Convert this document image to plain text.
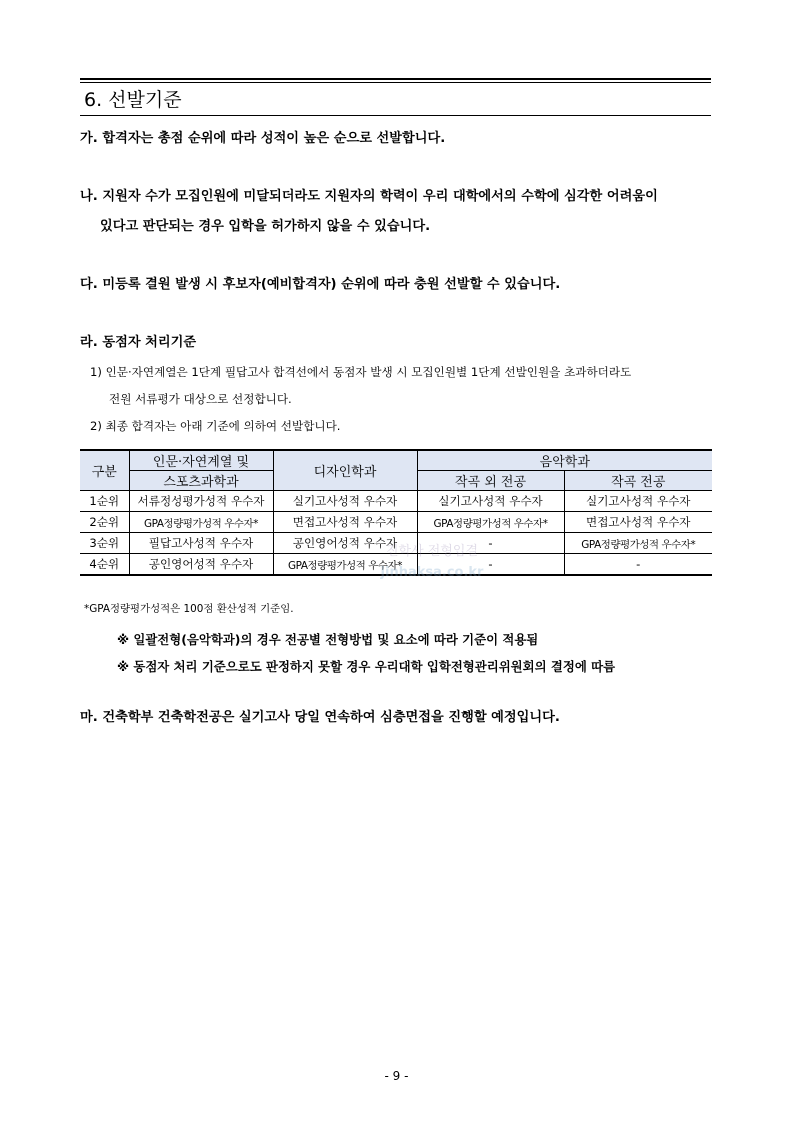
6. 선발기준
가. 합격자는 총점 순위에 따라 성적이 높은 순으로 선발합니다.
나. 지원자 수가 모집인원에 미달되더라도 지원자의 학력이 우리 대학에서의 수학에 심각한 어려움이
있다고 판단되는 경우 입학을 허가하지 않을 수 있습니다.
다. 미등록 결원 발생 시 후보자(예비합격자) 순위에 따라 충원 선발할 수 있습니다.
라. 동점자 처리기준
1) 인문·자연계열은 1단계 필답고사 합격선에서 동점자 발생 시 모집인원별 1단계 선발인원을 초과하더라도
전원 서류평가 대상으로 선정합니다.
2) 최종 합격자는 아래 기준에 의하여 선발합니다.
구분	인문·자연계열 및	디자인학과	음악학과	
	스포츠과학과		작곡 외 전공	작곡 전공
1순위	서류정성평가성적 우수자	실기고사성적 우수자	실기고사성적 우수자	실기고사성적 우수자
2순위	GPA정량평가성적 우수자*	면접고사성적 우수자	GPA정량평가성적 우수자*	면접고사성적 우수자
3순위	필답고사성적 우수자	공인영어성적 우수자	-	GPA정량평가성적 우수자*
4순위	공인영어성적 우수자	GPA정량평가성적 우수자*	-	-
진학사 전형입결
jinhaksa.co.kr
*GPA정량평가성적은 100점 환산성적 기준임.
※ 일괄전형(음악학과)의 경우 전공별 전형방법 및 요소에 따라 기준이 적용됨
※ 동점자 처리 기준으로도 판정하지 못할 경우 우리대학 입학전형관리위원회의 결정에 따름
마. 건축학부 건축학전공은 실기고사 당일 연속하여 심층면접을 진행할 예정입니다.
- 9 -
